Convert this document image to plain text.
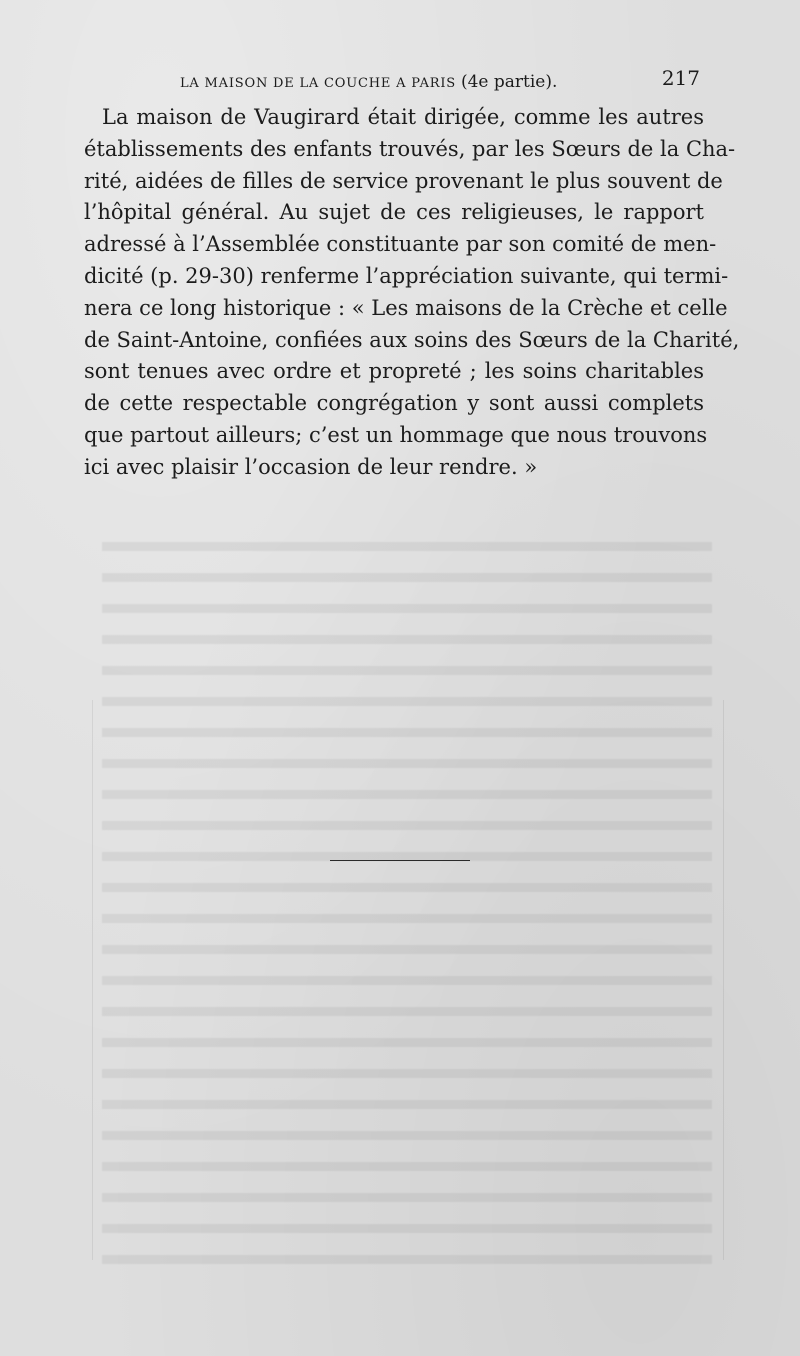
LA MAISON DE LA COUCHE A PARIS (4e partie).	217
La maison de Vaugirard était dirigée, comme les autres
établissements des enfants trouvés, par les Sœurs de la Cha-
rité, aidées de filles de service provenant le plus souvent de
l’hôpital général. Au sujet de ces religieuses, le rapport
adressé à l’Assemblée constituante par son comité de men-
dicité (p. 29-30) renferme l’appréciation suivante, qui termi-
nera ce long historique : « Les maisons de la Crèche et celle
de Saint-Antoine, confiées aux soins des Sœurs de la Charité,
sont tenues avec ordre et propreté ; les soins charitables
de cette respectable congrégation y sont aussi complets
que partout ailleurs; c’est un hommage que nous trouvons
ici avec plaisir l’occasion de leur rendre. »
